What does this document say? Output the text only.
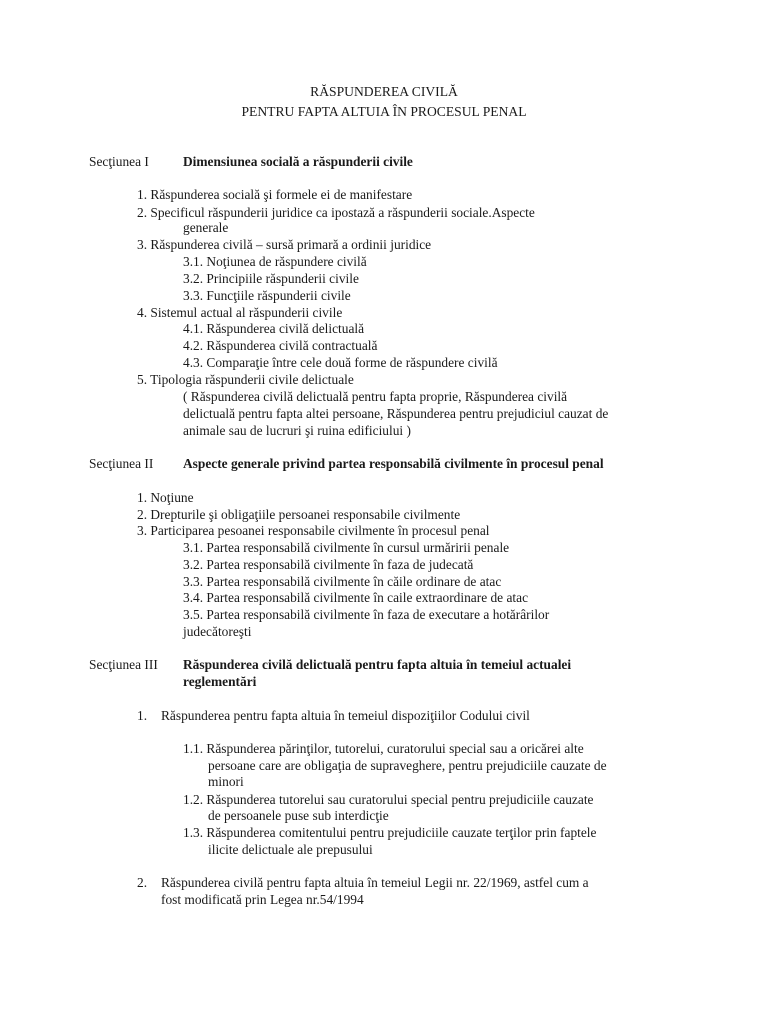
RĂSPUNDEREA CIVILĂ
PENTRU FAPTA ALTUIA ÎN PROCESUL PENAL
Secţiunea I	Dimensiunea socială a răspunderii civile
1. Răspunderea socială şi formele ei de manifestare
2. Specificul răspunderii juridice ca ipostază a răspunderii sociale.Aspecte
generale
3. Răspunderea civilă – sursă primară a ordinii juridice
3.1. Noţiunea de răspundere civilă
3.2. Principiile răspunderii civile
3.3. Funcţiile răspunderii civile
4. Sistemul actual al răspunderii civile
4.1. Răspunderea civilă delictuală
4.2. Răspunderea civilă contractuală
4.3. Comparaţie între cele două forme de răspundere civilă
5. Tipologia răspunderii civile delictuale
( Răspunderea civilă delictuală pentru fapta proprie, Răspunderea civilă
delictuală pentru fapta altei persoane, Răspunderea pentru prejudiciul cauzat de
animale sau de lucruri şi ruina edificiului )
Secţiunea II Aspecte generale privind partea responsabilă civilmente în procesul penal
1. Noţiune
2. Drepturile şi obligaţiile persoanei responsabile civilmente
3. Participarea pesoanei responsabile civilmente în procesul penal
3.1. Partea responsabilă civilmente în cursul urmăririi penale
3.2. Partea responsabilă civilmente în faza de judecată
3.3. Partea responsabilă civilmente în căile ordinare de atac
3.4. Partea responsabilă civilmente în caile extraordinare de atac
3.5. Partea responsabilă civilmente în faza de executare a hotărârilor
judecătoreşti
Secţiunea III Răspunderea civilă delictuală pentru fapta altuia în temeiul actualei
reglementări
1. Răspunderea pentru fapta altuia în temeiul dispoziţiilor Codului civil
1.1. Răspunderea părinţilor, tutorelui, curatorului special sau a oricărei alte
persoane care are obligaţia de supraveghere, pentru prejudiciile cauzate de
minori
1.2. Răspunderea tutorelui sau curatorului special pentru prejudiciile cauzate
de persoanele puse sub interdicţie
1.3. Răspunderea comitentului pentru prejudiciile cauzate terţilor prin faptele
ilicite delictuale ale prepusului
2. Răspunderea civilă pentru fapta altuia în temeiul Legii nr. 22/1969, astfel cum a
fost modificată prin Legea nr.54/1994
